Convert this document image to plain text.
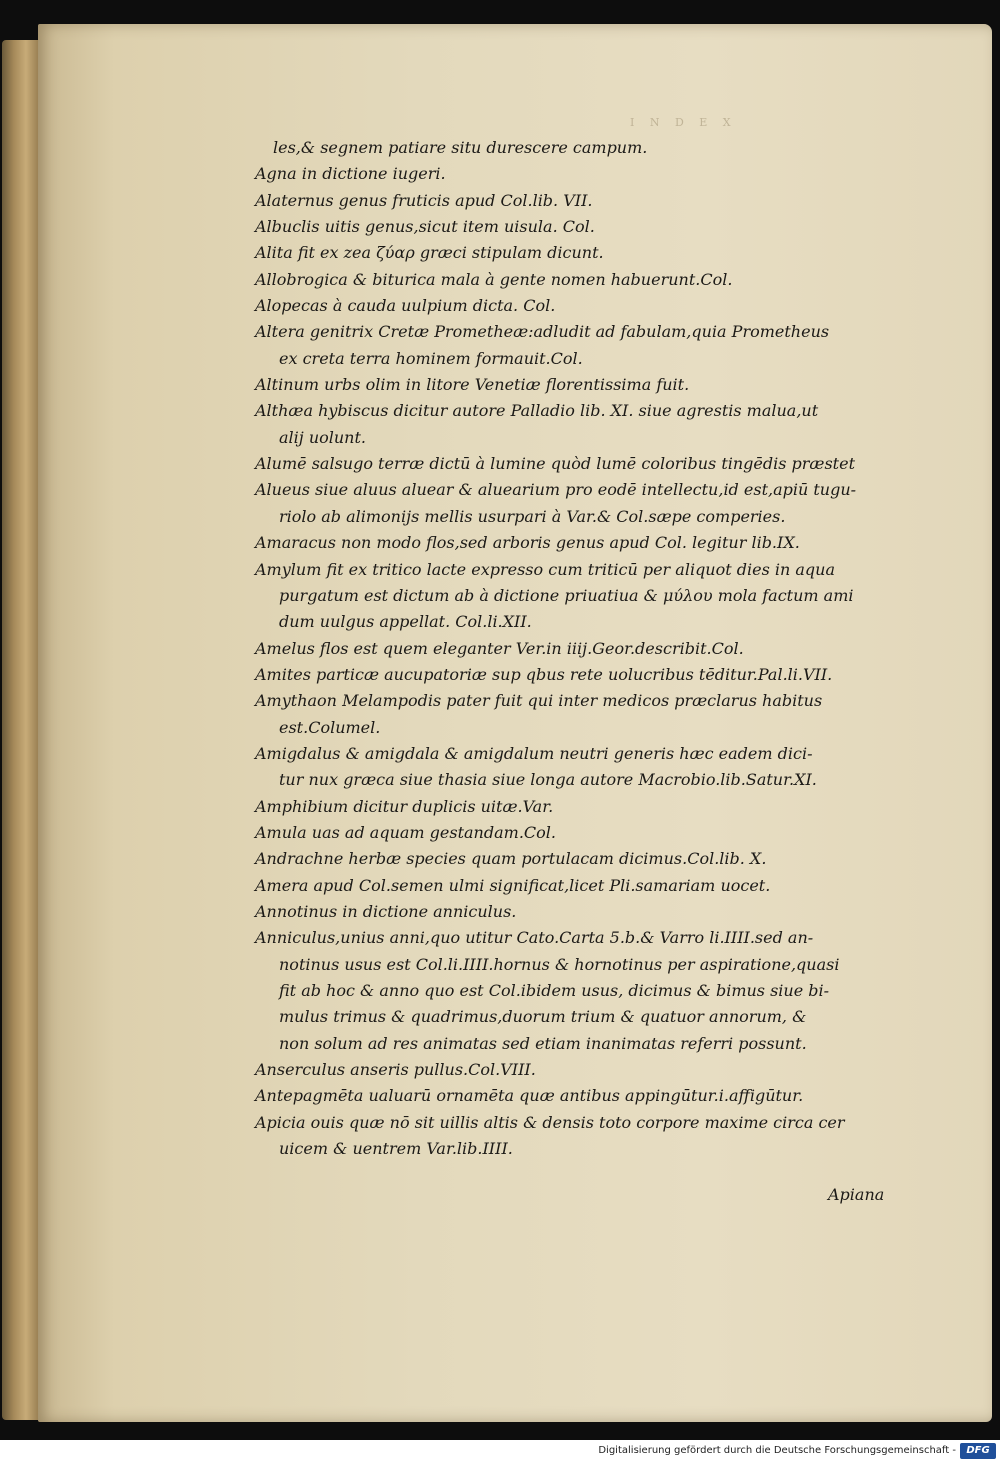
I N D E X
les,& segnem patiare situ durescere campum.
Agna in dictione iugeri.
Alaternus genus fruticis apud Col.lib. VII.
Albuclis uitis genus,sicut item uisula. Col.
Alita fit ex zea ζύαρ græci stipulam dicunt.
Allobrogica & biturica mala à gente nomen habuerunt.Col.
Alopecas à cauda uulpium dicta. Col.
Altera genitrix Cretæ Prometheæ:adludit ad fabulam,quia Prometheus
ex creta terra hominem formauit.Col.
Altinum urbs olim in litore Venetiæ florentissima fuit.
Althæa hybiscus dicitur autore Palladio lib. XI. siue agrestis malua,ut
alij uolunt.
Alumē salsugo terræ dictū à lumine quòd lumē coloribus tingēdis præstet
Alueus siue aluus aluear & aluearium pro eodē intellectu,id est,apiū tugu-
riolo ab alimonijs mellis usurpari à Var.& Col.sæpe comperies.
Amaracus non modo flos,sed arboris genus apud Col. legitur lib.IX.
Amylum fit ex tritico lacte expresso cum triticū per aliquot dies in aqua
purgatum est dictum ab à dictione priuatiua & μύλου mola factum ami
dum uulgus appellat. Col.li.XII.
Amelus flos est quem eleganter Ver.in iiij.Geor.describit.Col.
Amites particæ aucupatoriæ sup qbus rete uolucribus tēditur.Pal.li.VII.
Amythaon Melampodis pater fuit qui inter medicos præclarus habitus
est.Columel.
Amigdalus & amigdala & amigdalum neutri generis hæc eadem dici-
tur nux græca siue thasia siue longa autore Macrobio.lib.Satur.XI.
Amphibium dicitur duplicis uitæ.Var.
Amula uas ad aquam gestandam.Col.
Andrachne herbæ species quam portulacam dicimus.Col.lib. X.
Amera apud Col.semen ulmi significat,licet Pli.samariam uocet.
Annotinus in dictione anniculus.
Anniculus,unius anni,quo utitur Cato.Carta 5.b.& Varro li.IIII.sed an-
notinus usus est Col.li.IIII.hornus & hornotinus per aspiratione,quasi
fit ab hoc & anno quo est Col.ibidem usus, dicimus & bimus siue bi-
mulus trimus & quadrimus,duorum trium & quatuor annorum, &
non solum ad res animatas sed etiam inanimatas referri possunt.
Anserculus anseris pullus.Col.VIII.
Antepagmēta ualuarū ornamēta quæ antibus appingūtur.i.affigūtur.
Apicia ouis quæ nō sit uillis altis & densis toto corpore maxime circa cer
uicem & uentrem Var.lib.IIII.
Apiana
Digitalisierung gefördert durch die Deutsche Forschungsgemeinschaft -	DFG
